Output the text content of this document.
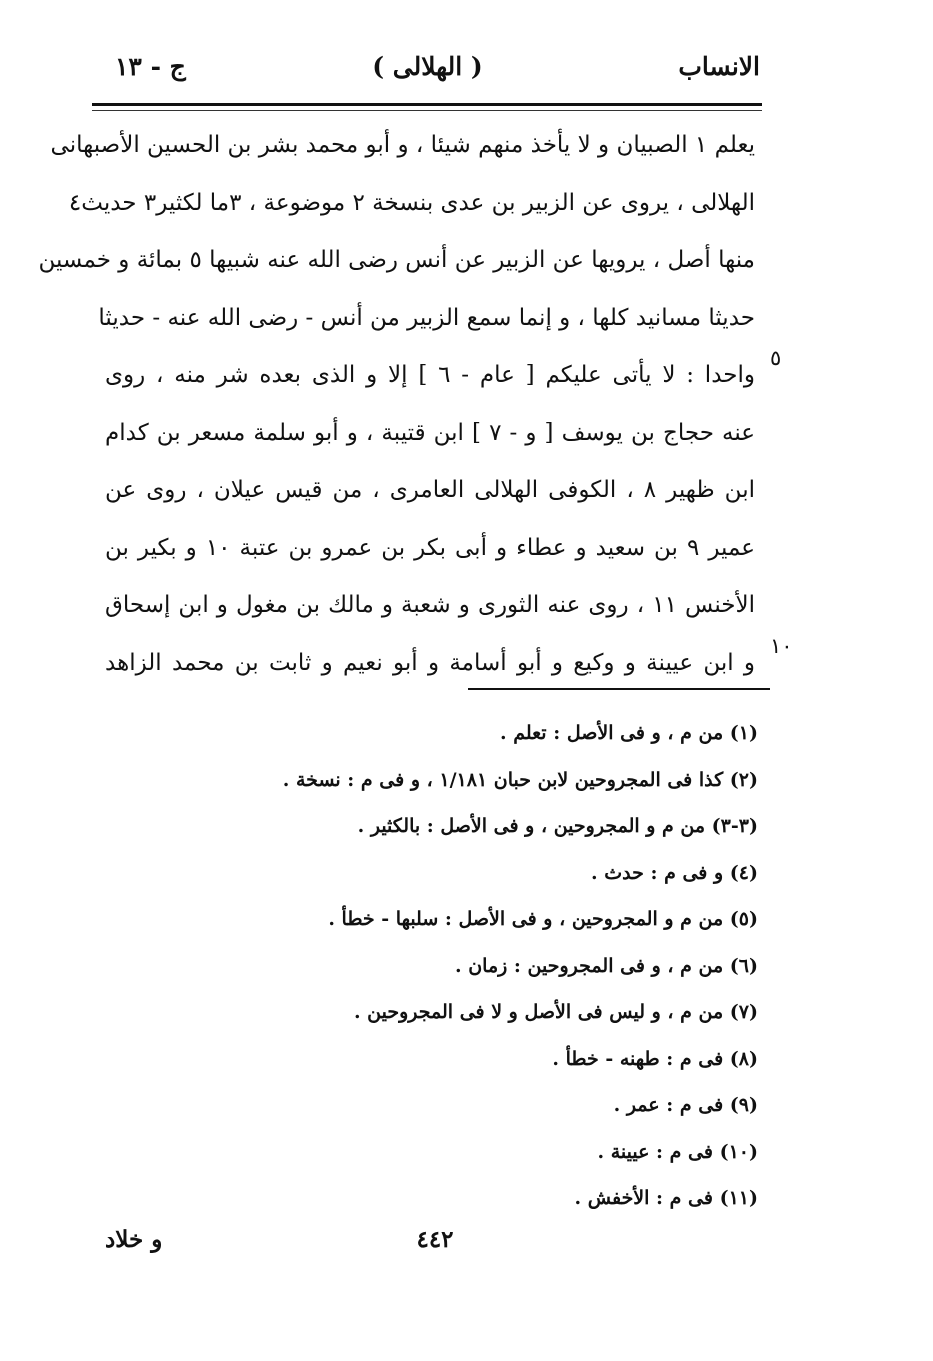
الانساب
( الهلالى )
ج - ١٣
يعلم ١ الصبيان و لا يأخذ منهم شيئا ، و أبو محمد بشر بن الحسين الأصبهانى
الهلالى ، يروى عن الزبير بن عدى بنسخة ٢ موضوعة ، ٣ما لكثير٣ حديث٤
منها أصل ، يرويها عن الزبير عن أنس رضى الله عنه شبيها ٥ بمائة و خمسين
حديثا مسانيد كلها ، و إنما سمع الزبير من أنس - رضى الله عنه - حديثا
واحدا : لا يأتى عليكم [ عام - ٦ ] إلا و الذى بعده شر منه ، روى
عنه حجاج بن يوسف [ و - ٧ ] ابن قتيبة ، و أبو سلمة مسعر بن كدام
ابن ظهير ٨ ، الكوفى الهلالى العامرى ، من قيس عيلان ، روى عن
عمير ٩ بن سعيد و عطاء و أبى بكر بن عمرو بن عتبة ١٠ و بكير بن
الأخنس ١١ ، روى عنه الثورى و شعبة و مالك بن مغول و ابن إسحاق
و ابن عيينة و وكيع و أبو أسامة و أبو نعيم و ثابت بن محمد الزاهد
٥
١٠
(١) من م ، و فى الأصل : تعلم .
(٢) كذا فى المجروحين لابن حبان ١/١٨١ ، و فى م : نسخة .
(٣-٣) من م و المجروحين ، و فى الأصل : بالكثير .
(٤) و فى م : حدث .
(٥) من م و المجروحين ، و فى الأصل : سلبها - خطأ .
(٦) من م ، و فى المجروحين : زمان .
(٧) من م ، و ليس فى الأصل و لا فى المجروحين .
(٨) فى م : طهنه - خطأ .
(٩) فى م : عمر .
(١٠) فى م : عيينة .
(١١) فى م : الأخفش .
٤٤٢
و خلاد
